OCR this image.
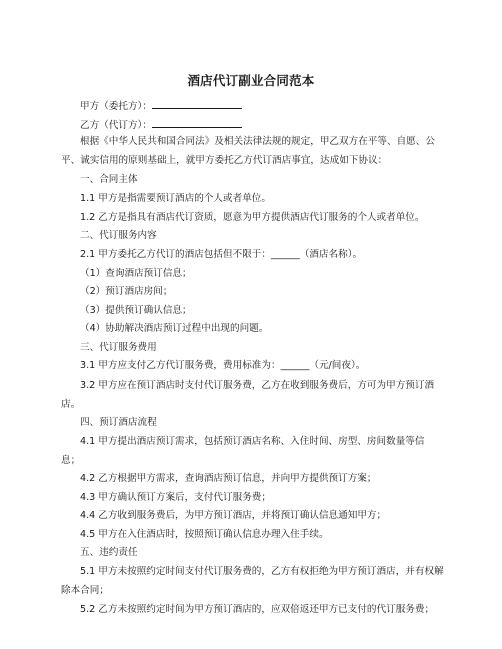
酒店代订副业合同范本
甲方（委托方）：
乙方（代订方）：
根据《中华人民共和国合同法》及相关法律法规的规定，甲乙双方在平等、自愿、公平、诚实信用的原则基础上，就甲方委托乙方代订酒店事宜，达成如下协议：
一、合同主体
1.1 甲方是指需要预订酒店的个人或者单位。
1.2 乙方是指具有酒店代订资质，愿意为甲方提供酒店代订服务的个人或者单位。
二、代订服务内容
2.1 甲方委托乙方代订的酒店包括但不限于：______（酒店名称）。
（1）查询酒店预订信息；
（2）预订酒店房间；
（3）提供预订确认信息；
（4）协助解决酒店预订过程中出现的问题。
三、代订服务费用
3.1 甲方应支付乙方代订服务费，费用标准为：______（元/间夜）。
3.2 甲方应在预订酒店时支付代订服务费，乙方在收到服务费后，方可为甲方预订酒店。
四、预订酒店流程
4.1 甲方提出酒店预订需求，包括预订酒店名称、入住时间、房型、房间数量等信息；
4.2 乙方根据甲方需求，查询酒店预订信息，并向甲方提供预订方案；
4.3 甲方确认预订方案后，支付代订服务费；
4.4 乙方收到服务费后，为甲方预订酒店，并将预订确认信息通知甲方；
4.5 甲方在入住酒店时，按照预订确认信息办理入住手续。
五、违约责任
5.1 甲方未按照约定时间支付代订服务费的，乙方有权拒绝为甲方预订酒店，并有权解除本合同；
5.2 乙方未按照约定时间为甲方预订酒店的，应双倍返还甲方已支付的代订服务费；
